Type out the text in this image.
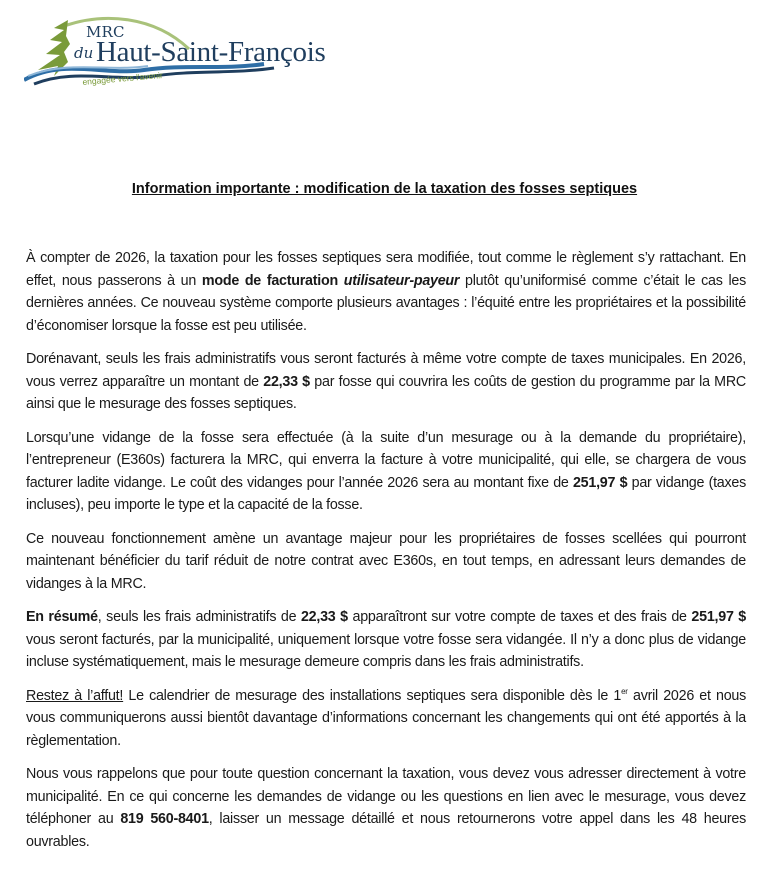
MRC
du Haut-Saint-François
engagée vers l'avenir
Information importante : modification de la taxation des fosses septiques

À compter de 2026, la taxation pour les fosses septiques sera modifiée, tout comme le règlement s’y rattachant. En effet, nous passerons à un mode de facturation utilisateur-payeur plutôt qu’uniformisé comme c’était le cas les dernières années. Ce nouveau système comporte plusieurs avantages : l’équité entre les propriétaires et la possibilité d’économiser lorsque la fosse est peu utilisée.

Dorénavant, seuls les frais administratifs vous seront facturés à même votre compte de taxes municipales. En 2026, vous verrez apparaître un montant de 22,33 $ par fosse qui couvrira les coûts de gestion du programme par la MRC ainsi que le mesurage des fosses septiques.

Lorsqu’une vidange de la fosse sera effectuée (à la suite d’un mesurage ou à la demande du propriétaire), l’entrepreneur (E360s) facturera la MRC, qui enverra la facture à votre municipalité, qui elle, se chargera de vous facturer ladite vidange. Le coût des vidanges pour l’année 2026 sera au montant fixe de 251,97 $ par vidange (taxes incluses), peu importe le type et la capacité de la fosse.

Ce nouveau fonctionnement amène un avantage majeur pour les propriétaires de fosses scellées qui pourront maintenant bénéficier du tarif réduit de notre contrat avec E360s, en tout temps, en adressant leurs demandes de vidanges à la MRC.

En résumé, seuls les frais administratifs de 22,33 $ apparaîtront sur votre compte de taxes et des frais de 251,97 $ vous seront facturés, par la municipalité, uniquement lorsque votre fosse sera vidangée. Il n’y a donc plus de vidange incluse systématiquement, mais le mesurage demeure compris dans les frais administratifs.

Restez à l’affut! Le calendrier de mesurage des installations septiques sera disponible dès le 1er avril 2026 et nous vous communiquerons aussi bientôt davantage d’informations concernant les changements qui ont été apportés à la règlementation.

Nous vous rappelons que pour toute question concernant la taxation, vous devez vous adresser directement à votre municipalité. En ce qui concerne les demandes de vidange ou les questions en lien avec le mesurage, vous devez téléphoner au 819 560-8401, laisser un message détaillé et nous retournerons votre appel dans les 48 heures ouvrables.
